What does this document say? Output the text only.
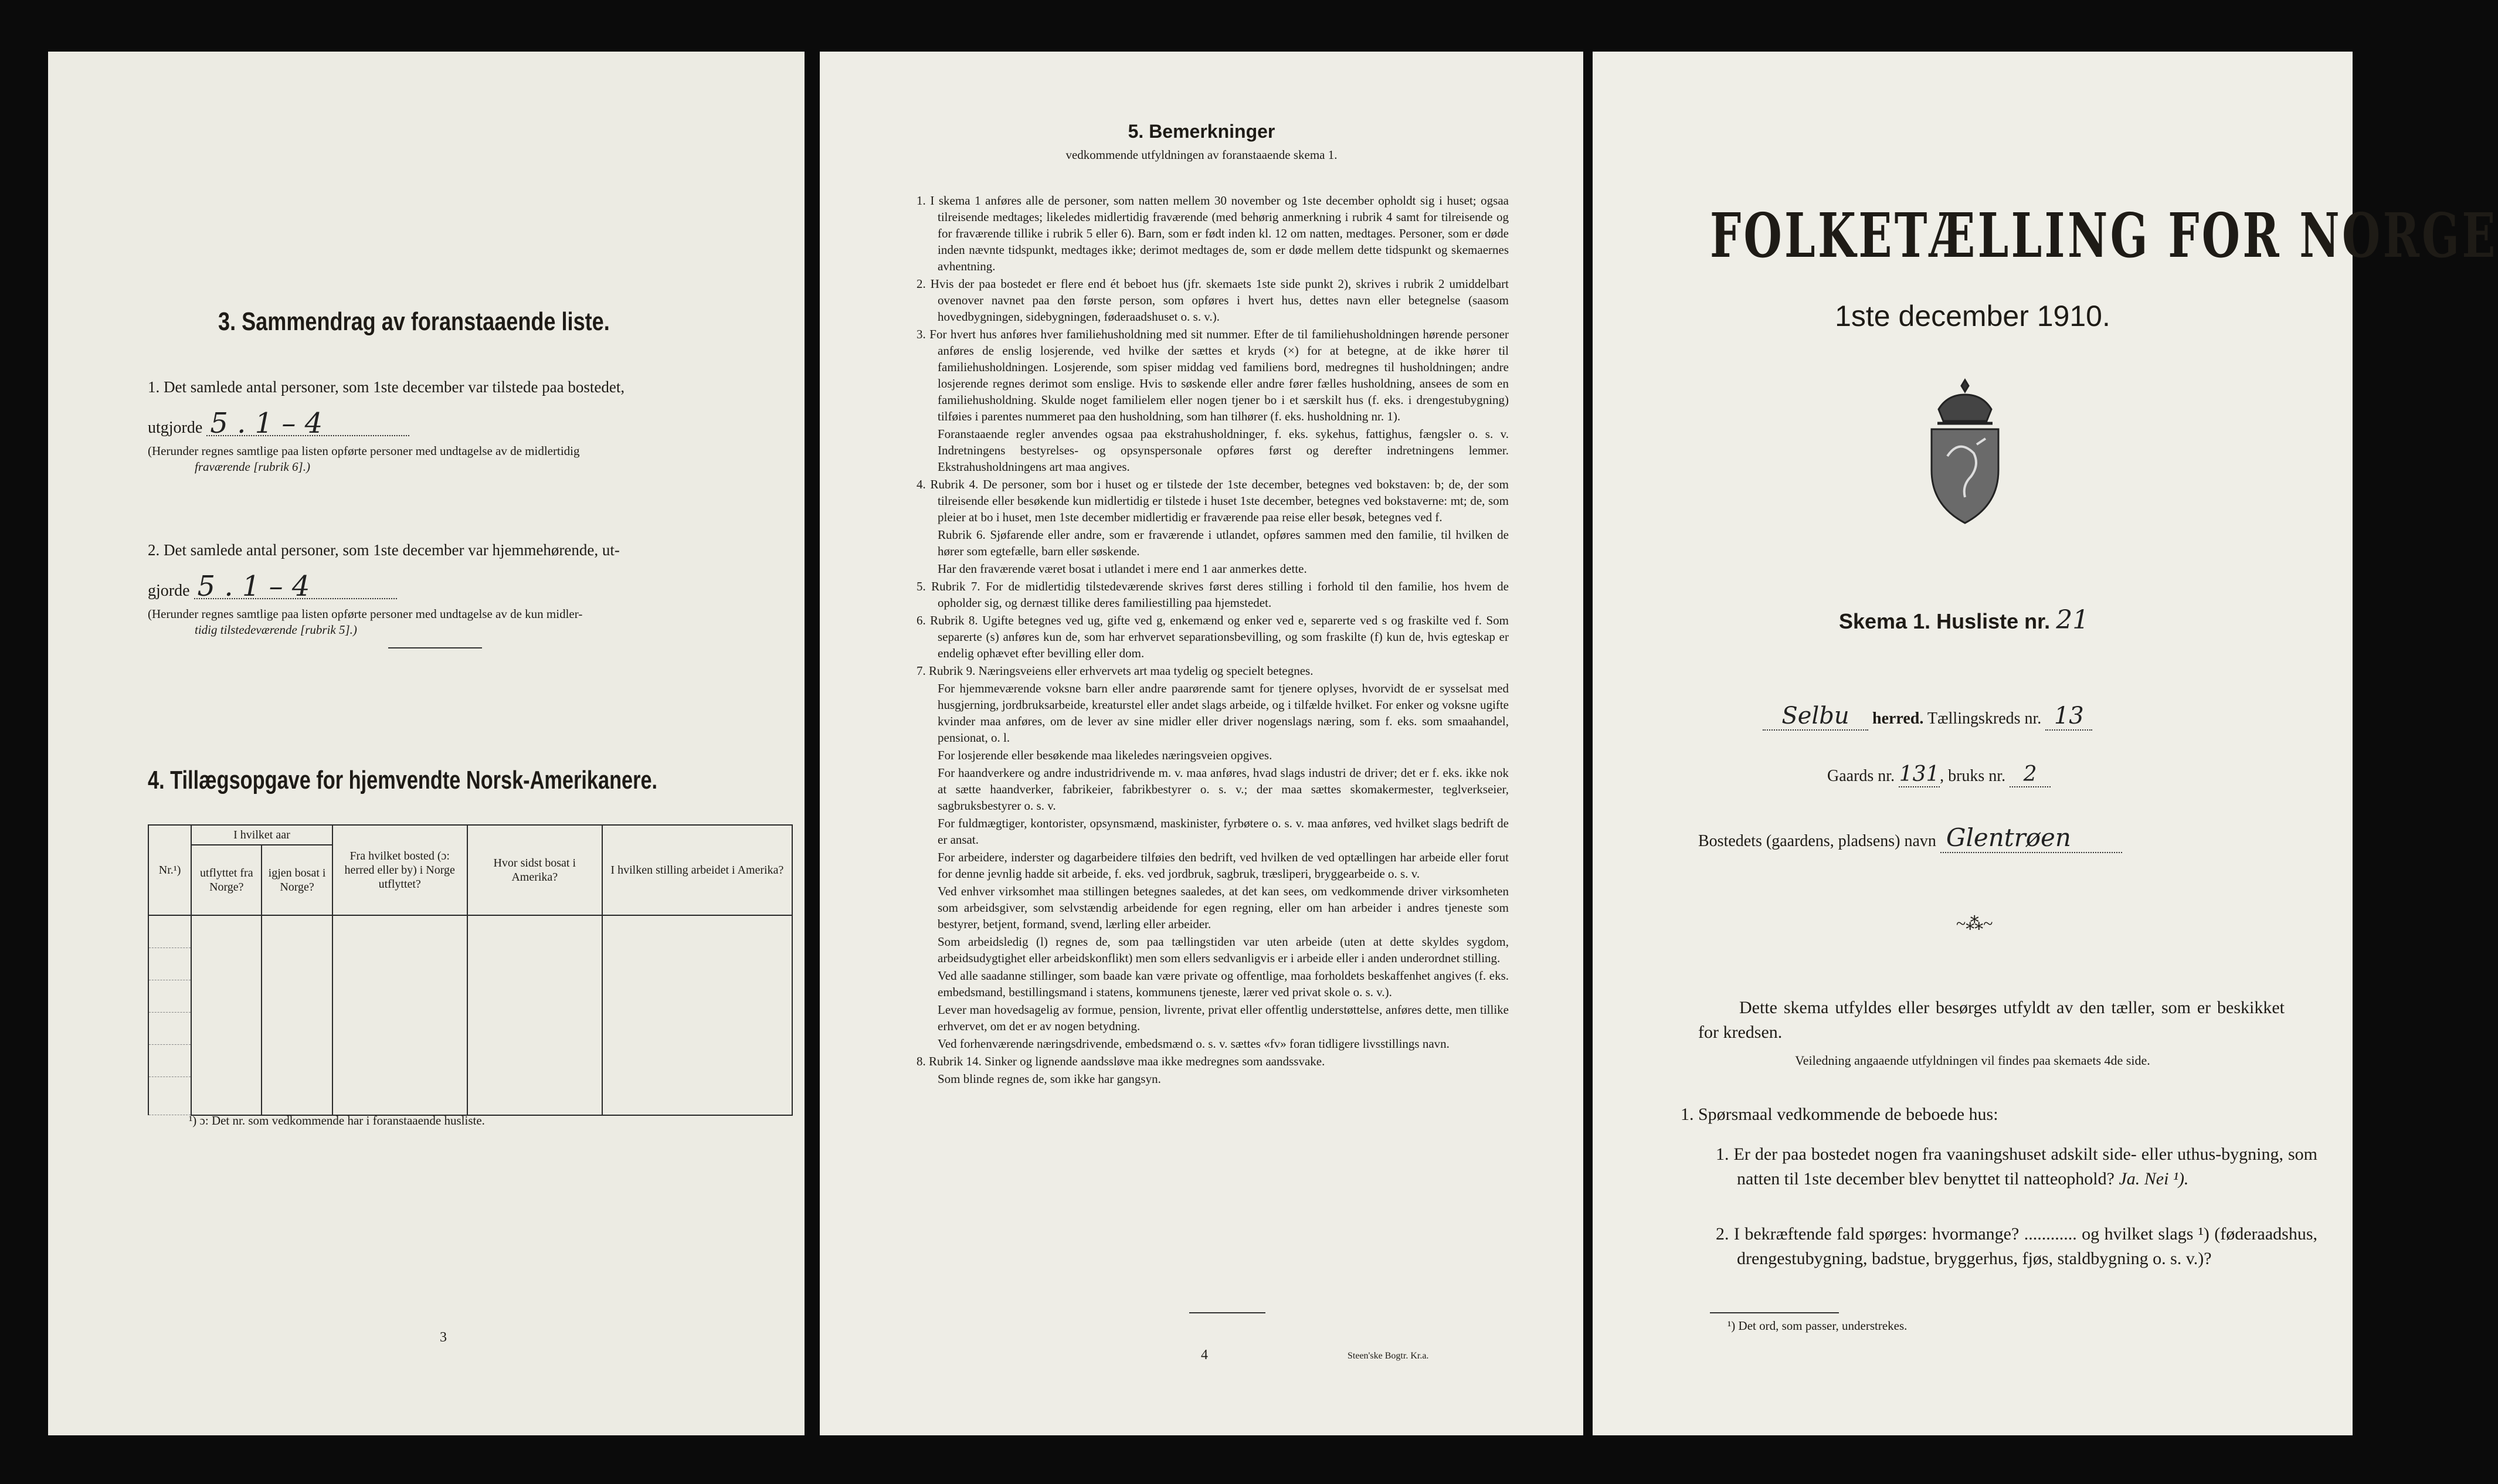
3. Sammendrag av foranstaaende liste.
1. Det samlede antal personer, som 1ste december var tilstede paa bostedet,
utgjorde 5 . 1 – 4
(Herunder regnes samtlige paa listen opførte personer med undtagelse av de midlertidig
fraværende [rubrik 6].)
2. Det samlede antal personer, som 1ste december var hjemmehørende, ut-
gjorde 5 . 1 – 4
(Herunder regnes samtlige paa listen opførte personer med undtagelse av de kun midler-
tidig tilstedeværende [rubrik 5].)
4. Tillægsopgave for hjemvendte Norsk-Amerikanere.
Nr.¹)	I hvilket aar		Fra hvilket bosted (ɔ: herred eller by) i Norge utflyttet?	Hvor sidst bosat i Amerika?	I hvilken stilling arbeidet i Amerika?
	utflyttet fra Norge?	igjen bosat i Norge?			

¹) ɔ: Det nr. som vedkommende har i foranstaaende husliste.
3
5. Bemerkninger
vedkommende utfyldningen av foranstaaende skema 1.

1. I skema 1 anføres alle de personer, som natten mellem 30 november og 1ste december opholdt sig i huset; ogsaa tilreisende medtages; likeledes midlertidig fraværende (med behørig anmerkning i rubrik 4 samt for tilreisende og for fraværende tillike i rubrik 5 eller 6). Barn, som er født inden kl. 12 om natten, medtages. Personer, som er døde inden nævnte tidspunkt, medtages ikke; derimot medtages de, som er døde mellem dette tidspunkt og skemaernes avhentning.

2. Hvis der paa bostedet er flere end ét beboet hus (jfr. skemaets 1ste side punkt 2), skrives i rubrik 2 umiddelbart ovenover navnet paa den første person, som opføres i hvert hus, dettes navn eller betegnelse (saasom hovedbygningen, sidebygningen, føderaadshuset o. s. v.).

3. For hvert hus anføres hver familiehusholdning med sit nummer. Efter de til familiehusholdningen hørende personer anføres de enslig losjerende, ved hvilke der sættes et kryds (×) for at betegne, at de ikke hører til familiehusholdningen. Losjerende, som spiser middag ved familiens bord, medregnes til husholdningen; andre losjerende regnes derimot som enslige. Hvis to søskende eller andre fører fælles husholdning, ansees de som en familiehusholdning. Skulde noget familielem eller nogen tjener bo i et særskilt hus (f. eks. i drengestubygning) tilføies i parentes nummeret paa den husholdning, som han tilhører (f. eks. husholdning nr. 1).

Foranstaaende regler anvendes ogsaa paa ekstrahusholdninger, f. eks. sykehus, fattighus, fængsler o. s. v. Indretningens bestyrelses- og opsynspersonale opføres først og derefter indretningens lemmer. Ekstrahusholdningens art maa angives.

4. Rubrik 4. De personer, som bor i huset og er tilstede der 1ste december, betegnes ved bokstaven: b; de, der som tilreisende eller besøkende kun midlertidig er tilstede i huset 1ste december, betegnes ved bokstaverne: mt; de, som pleier at bo i huset, men 1ste december midlertidig er fraværende paa reise eller besøk, betegnes ved f.

Rubrik 6. Sjøfarende eller andre, som er fraværende i utlandet, opføres sammen med den familie, til hvilken de hører som egtefælle, barn eller søskende.

Har den fraværende været bosat i utlandet i mere end 1 aar anmerkes dette.

5. Rubrik 7. For de midlertidig tilstedeværende skrives først deres stilling i forhold til den familie, hos hvem de opholder sig, og dernæst tillike deres familiestilling paa hjemstedet.

6. Rubrik 8. Ugifte betegnes ved ug, gifte ved g, enkemænd og enker ved e, separerte ved s og fraskilte ved f. Som separerte (s) anføres kun de, som har erhvervet separationsbevilling, og som fraskilte (f) kun de, hvis egteskap er endelig ophævet efter bevilling eller dom.

7. Rubrik 9. Næringsveiens eller erhvervets art maa tydelig og specielt betegnes.

For hjemmeværende voksne barn eller andre paarørende samt for tjenere oplyses, hvorvidt de er sysselsat med husgjerning, jordbruksarbeide, kreaturstel eller andet slags arbeide, og i tilfælde hvilket. For enker og voksne ugifte kvinder maa anføres, om de lever av sine midler eller driver nogenslags næring, som f. eks. som smaahandel, pensionat, o. l.

For losjerende eller besøkende maa likeledes næringsveien opgives.

For haandverkere og andre industridrivende m. v. maa anføres, hvad slags industri de driver; det er f. eks. ikke nok at sætte haandverker, fabrikeier, fabrikbestyrer o. s. v.; der maa sættes skomakermester, teglverkseier, sagbruksbestyrer o. s. v.

For fuldmægtiger, kontorister, opsynsmænd, maskinister, fyrbøtere o. s. v. maa anføres, ved hvilket slags bedrift de er ansat.

For arbeidere, inderster og dagarbeidere tilføies den bedrift, ved hvilken de ved optællingen har arbeide eller forut for denne jevnlig hadde sit arbeide, f. eks. ved jordbruk, sagbruk, træsliperi, bryggearbeide o. s. v.

Ved enhver virksomhet maa stillingen betegnes saaledes, at det kan sees, om vedkommende driver virksomheten som arbeidsgiver, som selvstændig arbeidende for egen regning, eller om han arbeider i andres tjeneste som bestyrer, betjent, formand, svend, lærling eller arbeider.

Som arbeidsledig (l) regnes de, som paa tællingstiden var uten arbeide (uten at dette skyldes sygdom, arbeidsudygtighet eller arbeidskonflikt) men som ellers sedvanligvis er i arbeide eller i anden underordnet stilling.

Ved alle saadanne stillinger, som baade kan være private og offentlige, maa forholdets beskaffenhet angives (f. eks. embedsmand, bestillingsmand i statens, kommunens tjeneste, lærer ved privat skole o. s. v.).

Lever man hovedsagelig av formue, pension, livrente, privat eller offentlig understøttelse, anføres dette, men tillike erhvervet, om det er av nogen betydning.

Ved forhenværende næringsdrivende, embedsmænd o. s. v. sættes «fv» foran tidligere livsstillings navn.

8. Rubrik 14. Sinker og lignende aandssløve maa ikke medregnes som aandssvake.

Som blinde regnes de, som ikke har gangsyn.

4	Steen'ske Bogtr. Kr.a.
FOLKETÆLLING FOR NORGE
1ste december 1910.
Skema 1. Husliste nr. 21
Selbu herred. Tællingskreds nr. 13
Gaards nr. 131, bruks nr. 2
Bostedets (gaardens, pladsens) navn Glentrøen
~⁂~
Dette skema utfyldes eller besørges utfyldt av den tæller, som er beskikket for kredsen.
Veiledning angaaende utfyldningen vil findes paa skemaets 4de side.
1. Spørsmaal vedkommende de beboede hus:
1. Er der paa bostedet nogen fra vaaningshuset adskilt side- eller uthus-bygning, som natten til 1ste december blev benyttet til natteophold? Ja. Nei ¹).
2. I bekræftende fald spørges: hvormange? ............ og hvilket slags ¹) (føderaadshus, drengestubygning, badstue, bryggerhus, fjøs, staldbygning o. s. v.)?
¹) Det ord, som passer, understrekes.
